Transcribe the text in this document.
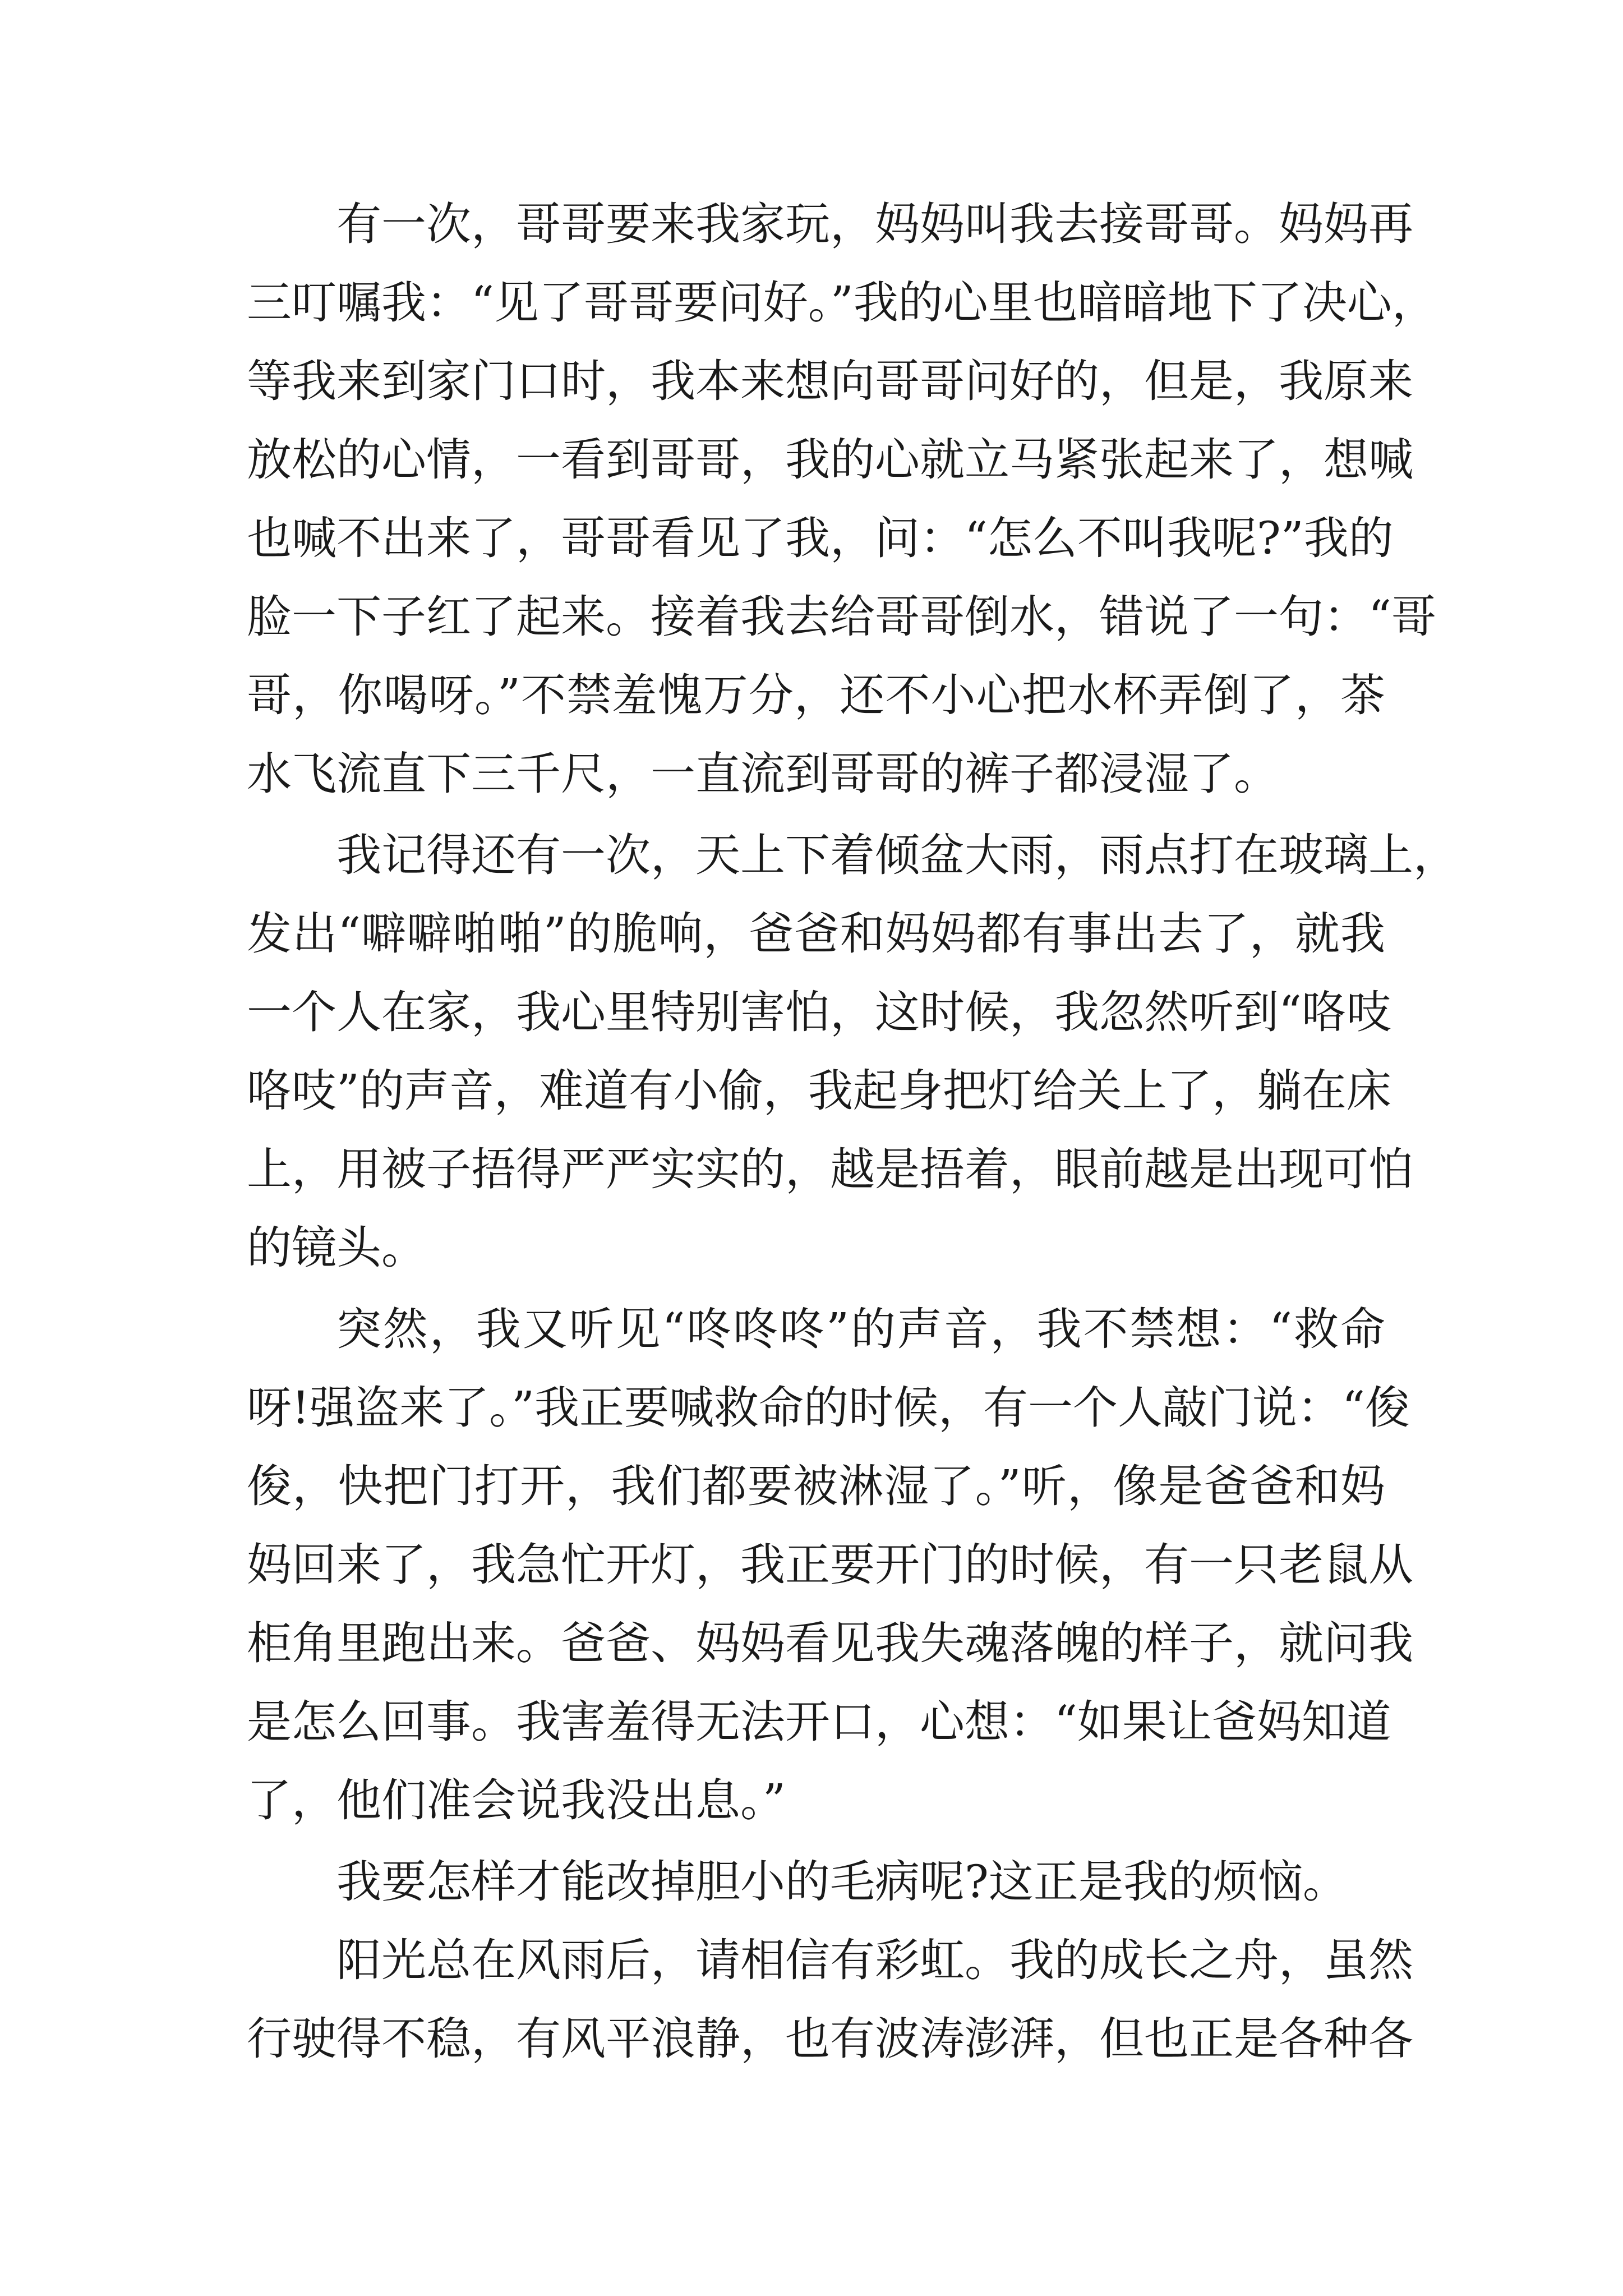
有一次，哥哥要来我家玩，妈妈叫我去接哥哥。妈妈再
三叮嘱我：“见了哥哥要问好。”我的心里也暗暗地下了决心，
等我来到家门口时，我本来想向哥哥问好的，但是，我原来
放松的心情，一看到哥哥，我的心就立马紧张起来了，想喊
也喊不出来了，哥哥看见了我，问：“怎么不叫我呢?”我的
脸一下子红了起来。接着我去给哥哥倒水，错说了一句：“哥
哥，你喝呀。”不禁羞愧万分，还不小心把水杯弄倒了，茶
水飞流直下三千尺，一直流到哥哥的裤子都浸湿了。
我记得还有一次，天上下着倾盆大雨，雨点打在玻璃上，
发出“噼噼啪啪”的脆响，爸爸和妈妈都有事出去了，就我
一个人在家，我心里特别害怕，这时候，我忽然听到“咯吱
咯吱”的声音，难道有小偷，我起身把灯给关上了，躺在床
上，用被子捂得严严实实的，越是捂着，眼前越是出现可怕
的镜头。
突然，我又听见“咚咚咚”的声音，我不禁想：“救命
呀!强盗来了。”我正要喊救命的时候，有一个人敲门说：“俊
俊，快把门打开，我们都要被淋湿了。”听，像是爸爸和妈
妈回来了，我急忙开灯，我正要开门的时候，有一只老鼠从
柜角里跑出来。爸爸、妈妈看见我失魂落魄的样子，就问我
是怎么回事。我害羞得无法开口，心想：“如果让爸妈知道
了，他们准会说我没出息。”
我要怎样才能改掉胆小的毛病呢?这正是我的烦恼。
阳光总在风雨后，请相信有彩虹。我的成长之舟，虽然
行驶得不稳，有风平浪静，也有波涛澎湃，但也正是各种各
